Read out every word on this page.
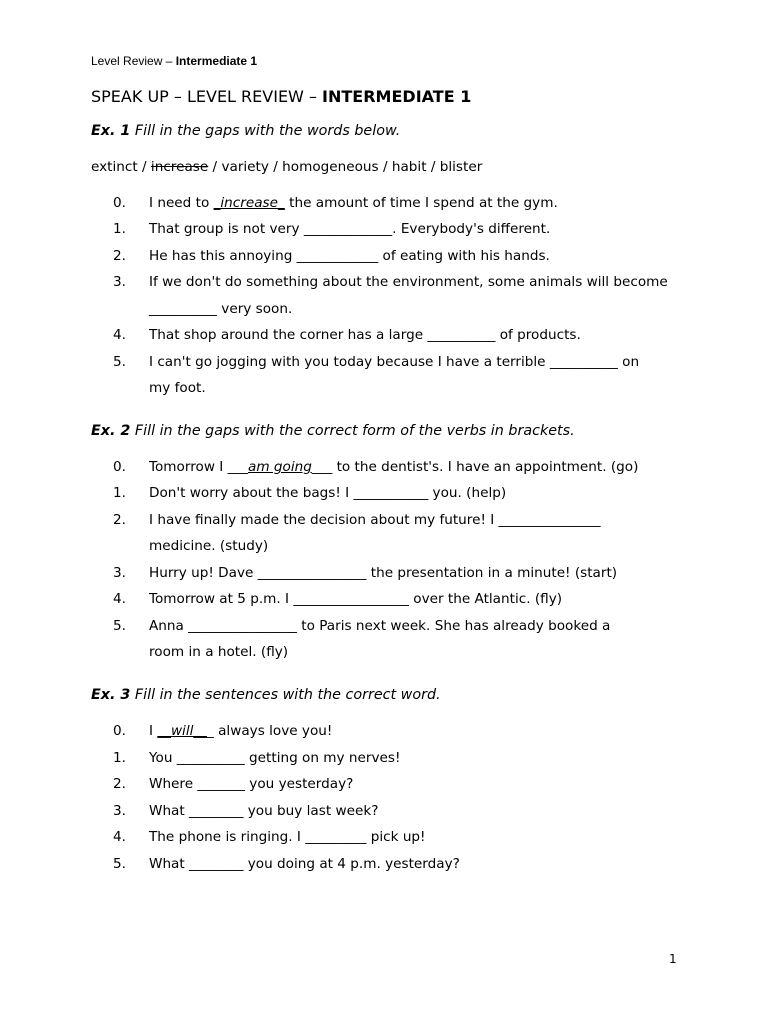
Level Review – Intermediate 1
SPEAK UP – LEVEL REVIEW – INTERMEDIATE 1
Ex. 1 Fill in the gaps with the words below.
extinct / increase / variety / homogeneous / habit / blister
0.	I need to _increase_ the amount of time I spend at the gym.
1.	That group is not very _____________. Everybody's different.
2.	He has this annoying ____________ of eating with his hands.
3.	If we don't do something about the environment, some animals will become
__________ very soon.
4.	That shop around the corner has a large __________ of products.
5.	I can't go jogging with you today because I have a terrible __________ on
my foot.
Ex. 2 Fill in the gaps with the correct form of the verbs in brackets.
0.	Tomorrow I ___am going___ to the dentist's. I have an appointment. (go)
1.	Don't worry about the bags! I ___________ you. (help)
2.	I have finally made the decision about my future! I _______________
medicine. (study)
3.	Hurry up! Dave ________________ the presentation in a minute! (start)
4.	Tomorrow at 5 p.m. I _________________ over the Atlantic. (fly)
5.	Anna ________________ to Paris next week. She has already booked a
room in a hotel. (fly)
Ex. 3 Fill in the sentences with the correct word.
0.	I __will___ always love you!
1.	You __________ getting on my nerves!
2.	Where _______ you yesterday?
3.	What ________ you buy last week?
4.	The phone is ringing. I _________ pick up!
5.	What ________ you doing at 4 p.m. yesterday?
1
